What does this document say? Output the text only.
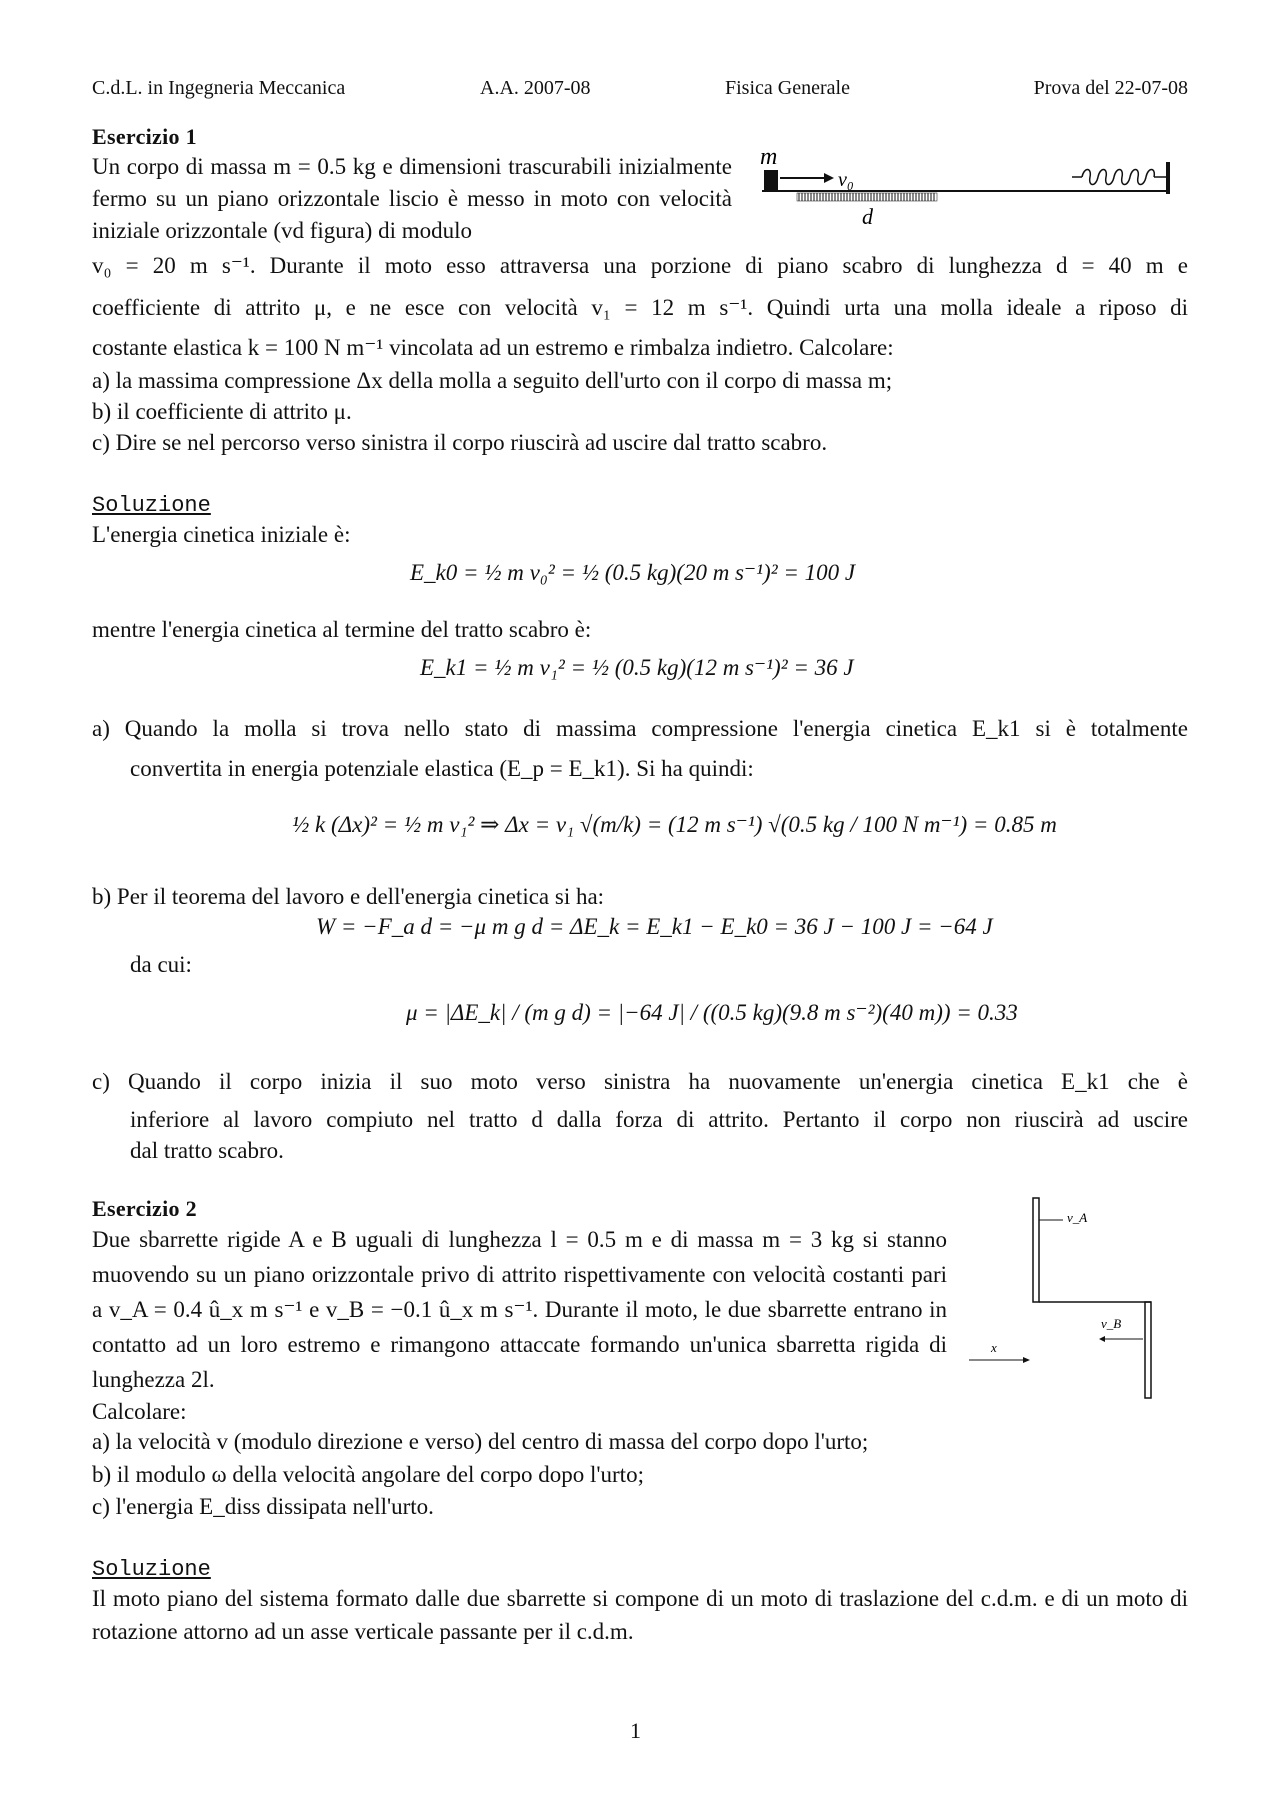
C.d.L. in Ingegneria Meccanica	A.A. 2007-08	Fisica Generale	Prova del 22-07-08
Esercizio 1
Un corpo di massa m = 0.5 kg e dimensioni trascurabili inizialmente fermo su un piano orizzontale liscio è messo in moto con velocità iniziale orizzontale (vd figura) di modulo
m
v₀
d
v₀ = 20 m s⁻¹. Durante il moto esso attraversa una porzione di piano scabro di lunghezza d = 40 m e
coefficiente di attrito μ, e ne esce con velocità v₁ = 12 m s⁻¹. Quindi urta una molla ideale a riposo di
costante elastica k = 100 N m⁻¹ vincolata ad un estremo e rimbalza indietro. Calcolare:
a) la massima compressione Δx della molla a seguito dell'urto con il corpo di massa m;
b) il coefficiente di attrito μ.
c) Dire se nel percorso verso sinistra il corpo riuscirà ad uscire dal tratto scabro.
Soluzione
L'energia cinetica iniziale è:
E_k0 = ½ m v₀² = ½ (0.5 kg)(20 m s⁻¹)² = 100 J
mentre l'energia cinetica al termine del tratto scabro è:
E_k1 = ½ m v₁² = ½ (0.5 kg)(12 m s⁻¹)² = 36 J
a) Quando la molla si trova nello stato di massima compressione l'energia cinetica E_k1 si è totalmente
convertita in energia potenziale elastica (E_p = E_k1). Si ha quindi:
½ k (Δx)² = ½ m v₁² ⇒ Δx = v₁ √(m/k) = (12 m s⁻¹) √(0.5 kg / 100 N m⁻¹) = 0.85 m
b) Per il teorema del lavoro e dell'energia cinetica si ha:
W = −F_a d = −μ m g d = ΔE_k = E_k1 − E_k0 = 36 J − 100 J = −64 J
da cui:
μ = |ΔE_k| / (m g d) = |−64 J| / ((0.5 kg)(9.8 m s⁻²)(40 m)) = 0.33
c) Quando il corpo inizia il suo moto verso sinistra ha nuovamente un'energia cinetica E_k1 che è
inferiore al lavoro compiuto nel tratto d dalla forza di attrito. Pertanto il corpo non riuscirà ad uscire
dal tratto scabro.
Esercizio 2
Due sbarrette rigide A e B uguali di lunghezza l = 0.5 m e di massa m = 3 kg si stanno muovendo su un piano orizzontale privo di attrito rispettivamente con velocità costanti pari a v_A = 0.4 û_x m s⁻¹ e v_B = −0.1 û_x m s⁻¹. Durante il moto, le due sbarrette entrano in contatto ad un loro estremo e rimangono attaccate formando un'unica sbarretta rigida di lunghezza 2l.
v_A
v_B
x
Calcolare:
a) la velocità v (modulo direzione e verso) del centro di massa del corpo dopo l'urto;
b) il modulo ω della velocità angolare del corpo dopo l'urto;
c) l'energia E_diss dissipata nell'urto.
Soluzione
Il moto piano del sistema formato dalle due sbarrette si compone di un moto di traslazione del c.d.m. e di un moto di rotazione attorno ad un asse verticale passante per il c.d.m.
1
